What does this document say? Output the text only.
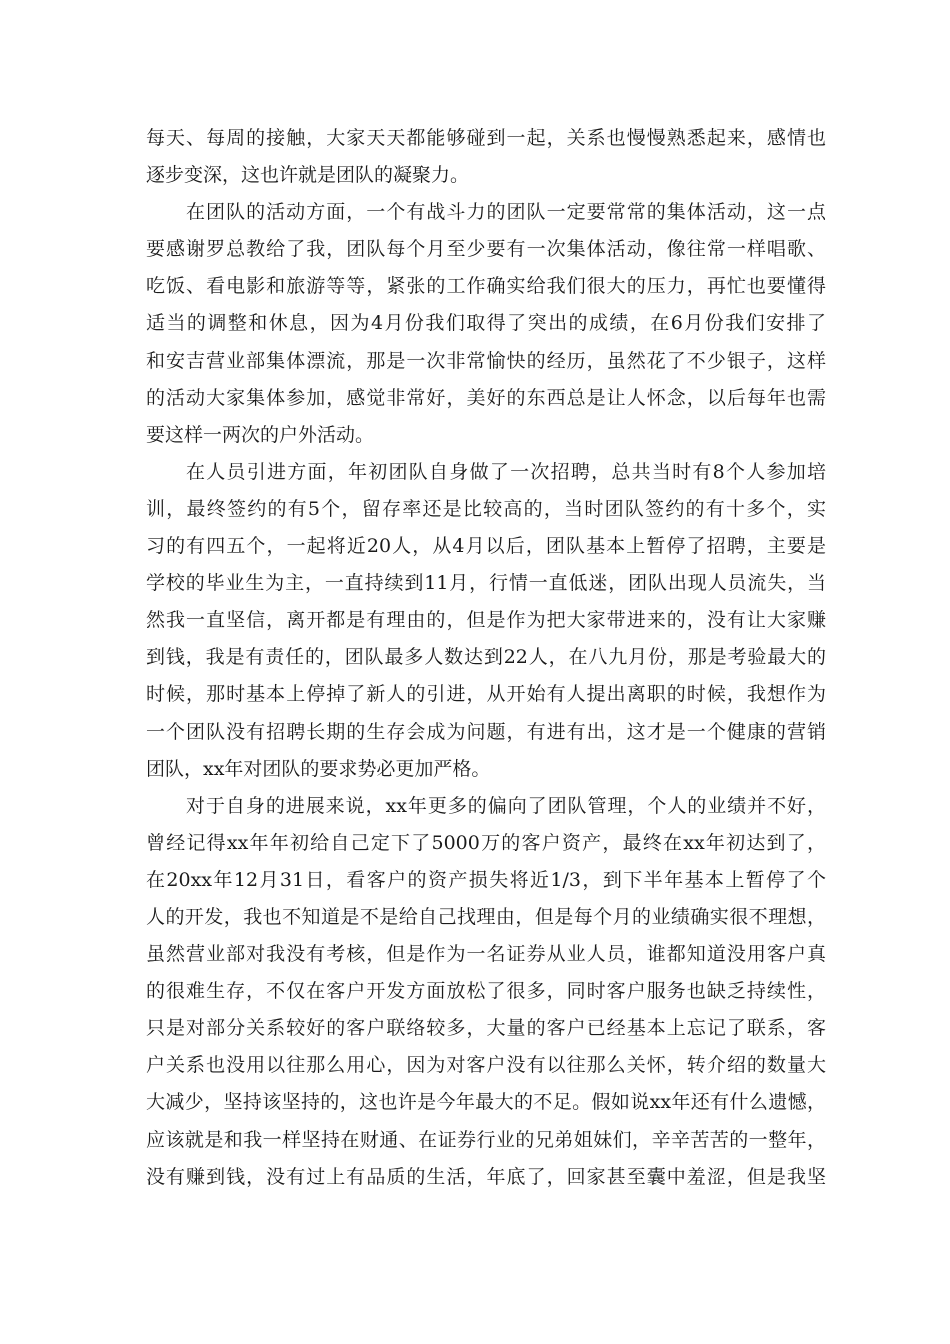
每天、每周的接触，大家天天都能够碰到一起，关系也慢慢熟悉起来，感情也
逐步变深，这也许就是团队的凝聚力。
在团队的活动方面，一个有战斗力的团队一定要常常的集体活动，这一点
要感谢罗总教给了我，团队每个月至少要有一次集体活动，像往常一样唱歌、
吃饭、看电影和旅游等等，紧张的工作确实给我们很大的压力，再忙也要懂得
适当的调整和休息，因为4月份我们取得了突出的成绩，在6月份我们安排了
和安吉营业部集体漂流，那是一次非常愉快的经历，虽然花了不少银子，这样
的活动大家集体参加，感觉非常好，美好的东西总是让人怀念，以后每年也需
要这样一两次的户外活动。
在人员引进方面，年初团队自身做了一次招聘，总共当时有8个人参加培
训，最终签约的有5个，留存率还是比较高的，当时团队签约的有十多个，实
习的有四五个，一起将近20人，从4月以后，团队基本上暂停了招聘，主要是
学校的毕业生为主，一直持续到11月，行情一直低迷，团队出现人员流失，当
然我一直坚信，离开都是有理由的，但是作为把大家带进来的，没有让大家赚
到钱，我是有责任的，团队最多人数达到22人，在八九月份，那是考验最大的
时候，那时基本上停掉了新人的引进，从开始有人提出离职的时候，我想作为
一个团队没有招聘长期的生存会成为问题，有进有出，这才是一个健康的营销
团队，xx年对团队的要求势必更加严格。
对于自身的进展来说，xx年更多的偏向了团队管理，个人的业绩并不好，
曾经记得xx年年初给自己定下了5000万的客户资产，最终在xx年初达到了，
在20xx年12月31日，看客户的资产损失将近1/3，到下半年基本上暂停了个
人的开发，我也不知道是不是给自己找理由，但是每个月的业绩确实很不理想，
虽然营业部对我没有考核，但是作为一名证券从业人员，谁都知道没用客户真
的很难生存，不仅在客户开发方面放松了很多，同时客户服务也缺乏持续性，
只是对部分关系较好的客户联络较多，大量的客户已经基本上忘记了联系，客
户关系也没用以往那么用心，因为对客户没有以往那么关怀，转介绍的数量大
大减少，坚持该坚持的，这也许是今年最大的不足。假如说xx年还有什么遗憾，
应该就是和我一样坚持在财通、在证券行业的兄弟姐妹们，辛辛苦苦的一整年，
没有赚到钱，没有过上有品质的生活，年底了，回家甚至囊中羞涩，但是我坚
